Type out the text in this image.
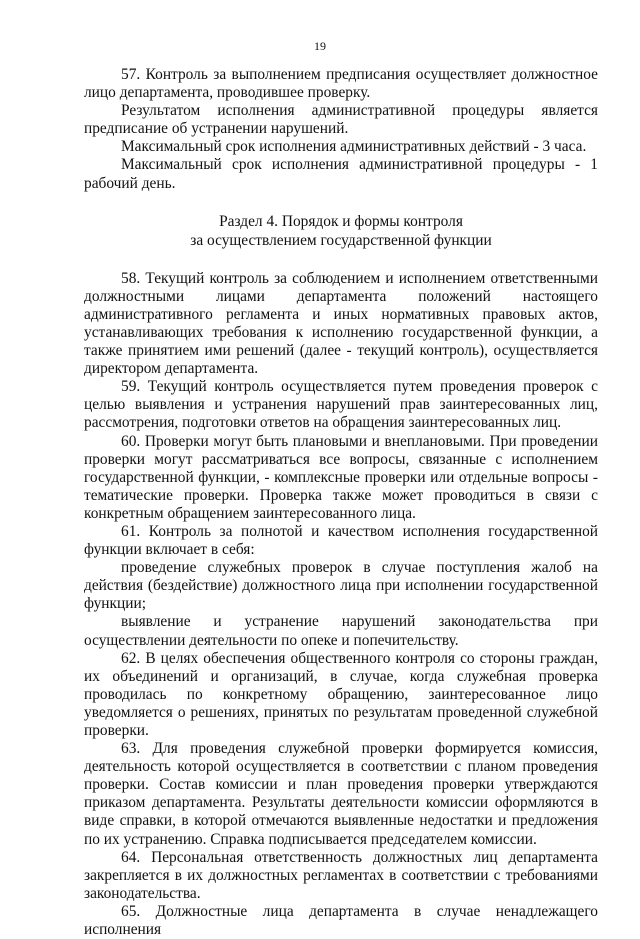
19

57. Контроль за выполнением предписания осуществляет должностное лицо департамента, проводившее проверку.

Результатом исполнения административной процедуры является предписание об устранении нарушений.

Максимальный срок исполнения административных действий - 3 часа.

Максимальный срок исполнения административной процедуры - 1 рабочий день.

Раздел 4. Порядок и формы контроля
за осуществлением государственной функции

58. Текущий контроль за соблюдением и исполнением ответственными должностными лицами департамента положений настоящего административного регламента и иных нормативных правовых актов, устанавливающих требования к исполнению государственной функции, а также принятием ими решений (далее - текущий контроль), осуществляется директором департамента.

59. Текущий контроль осуществляется путем проведения проверок с целью выявления и устранения нарушений прав заинтересованных лиц, рассмотрения, подготовки ответов на обращения заинтересованных лиц.

60. Проверки могут быть плановыми и внеплановыми. При проведении проверки могут рассматриваться все вопросы, связанные с исполнением государственной функции, - комплексные проверки или отдельные вопросы - тематические проверки. Проверка также может проводиться в связи с конкретным обращением заинтересованного лица.

61. Контроль за полнотой и качеством исполнения государственной функции включает в себя:

проведение служебных проверок в случае поступления жалоб на действия (бездействие) должностного лица при исполнении государственной функции;

выявление и устранение нарушений законодательства при осуществлении деятельности по опеке и попечительству.

62. В целях обеспечения общественного контроля со стороны граждан, их объединений и организаций, в случае, когда служебная проверка проводилась по конкретному обращению, заинтересованное лицо уведомляется о решениях, принятых по результатам проведенной служебной проверки.

63. Для проведения служебной проверки формируется комиссия, деятельность которой осуществляется в соответствии с планом проведения проверки. Состав комиссии и план проведения проверки утверждаются приказом департамента. Результаты деятельности комиссии оформляются в виде справки, в которой отмечаются выявленные недостатки и предложения по их устранению. Справка подписывается председателем комиссии.

64. Персональная ответственность должностных лиц департамента закрепляется в их должностных регламентах в соответствии с требованиями законодательства.

65. Должностные лица департамента в случае ненадлежащего исполнения
